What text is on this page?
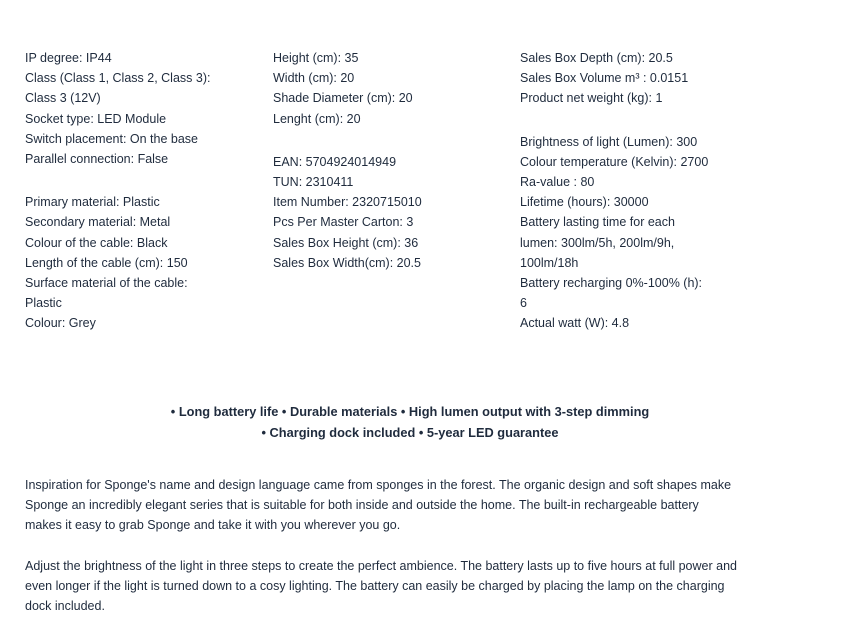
IP degree: IP44
Class (Class 1, Class 2, Class 3):
Class 3 (12V)
Socket type: LED Module
Switch placement: On the base
Parallel connection: False
Primary material: Plastic
Secondary material: Metal
Colour of the cable: Black
Length of the cable (cm): 150
Surface material of the cable:
Plastic
Colour: Grey
Height (cm): 35
Width (cm): 20
Shade Diameter (cm): 20
Lenght (cm): 20
EAN: 5704924014949
TUN: 2310411
Item Number: 2320715010
Pcs Per Master Carton: 3
Sales Box Height (cm): 36
Sales Box Width(cm): 20.5
Sales Box Depth (cm): 20.5
Sales Box Volume m³ : 0.0151
Product net weight (kg): 1
Brightness of light (Lumen): 300
Colour temperature (Kelvin): 2700
Ra-value : 80
Lifetime (hours): 30000
Battery lasting time for each
lumen: 300lm/5h, 200lm/9h,
100lm/18h
Battery recharging 0%-100% (h):
6
Actual watt (W): 4.8
• Long battery life • Durable materials • High lumen output with 3-step dimming
• Charging dock included • 5-year LED guarantee
Inspiration for Sponge's name and design language came from sponges in the forest. The organic design and soft shapes make
Sponge an incredibly elegant series that is suitable for both inside and outside the home. The built-in rechargeable battery
makes it easy to grab Sponge and take it with you wherever you go.
Adjust the brightness of the light in three steps to create the perfect ambience. The battery lasts up to five hours at full power and
even longer if the light is turned down to a cosy lighting. The battery can easily be charged by placing the lamp on the charging
dock included.
